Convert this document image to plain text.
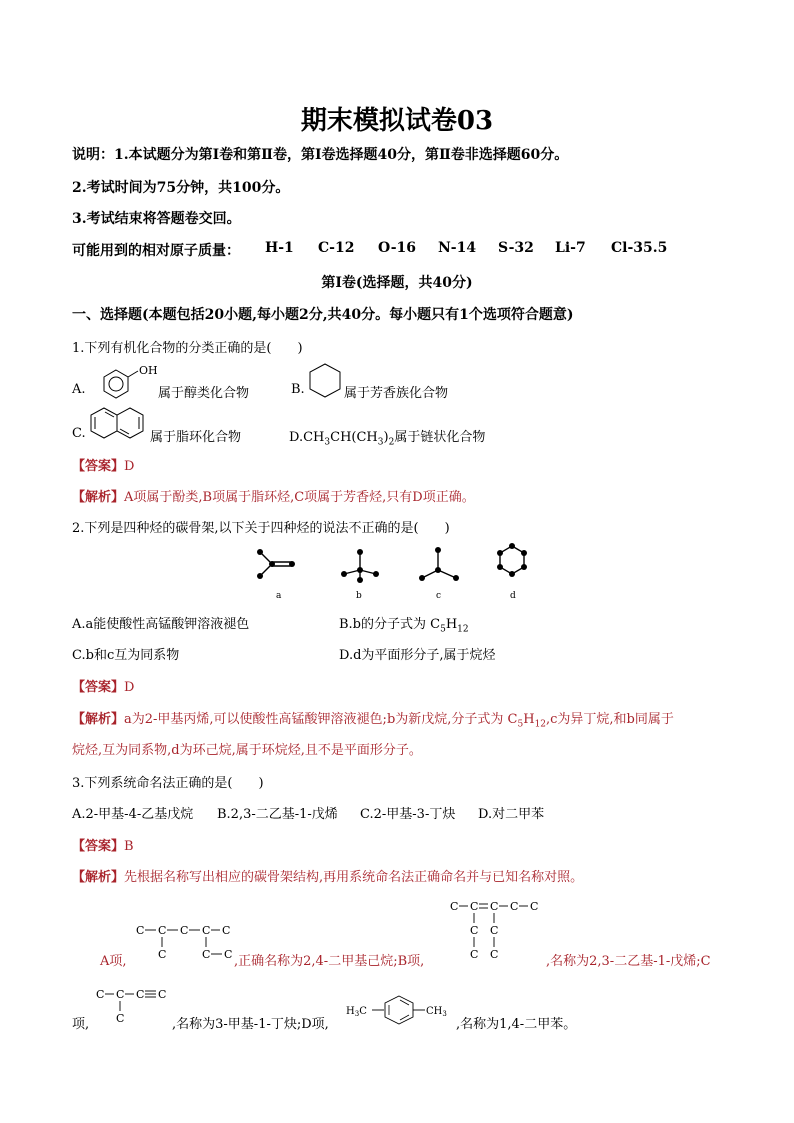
期末模拟试卷03
说明：1.本试题分为第Ⅰ卷和第Ⅱ卷，第Ⅰ卷选择题40分，第Ⅱ卷非选择题60分。
2.考试时间为75分钟，共100分。
3.考试结束将答题卷交回。
可能用到的相对原子质量： H-1 C-12 O-16 N-14 S-32 Li-7 Cl-35.5
第Ⅰ卷(选择题，共40分)
一、选择题(本题包括20小题,每小题2分,共40分。每小题只有1个选项符合题意)
1.下列有机化合物的分类正确的是(　　)
A.
OH
属于醇类化合物	B.	属于芳香族化合物
C.	属于脂环化合物	$D.CH_3CH(CH_3)_2$属于链状化合物
【答案】D
【解析】A项属于酚类,B项属于脂环烃,C项属于芳香烃,只有D项正确。
2.下列是四种烃的碳骨架,以下关于四种烃的说法不正确的是(　　)
a	b	c	d
A.a能使酸性高锰酸钾溶液褪色	B.b的分子式为 $C_5H_{12}$
C.b和c互为同系物	D.d为平面形分子,属于烷烃
【答案】D
【解析】a为2-甲基丙烯,可以使酸性高锰酸钾溶液褪色;b为新戊烷,分子式为 $C_5H_{12},c$为异丁烷,和b同属于
烷烃,互为同系物,d为环己烷,属于环烷烃,且不是平面形分子。
3.下列系统命名法正确的是(　　)
A.2-甲基-4-乙基戊烷 B.2,3-二乙基-1-戊烯 C.2-甲基-3-丁炔 D.对二甲苯
【答案】B
【解析】先根据名称写出相应的碳骨架结构,再用系统命名法正确命名并与已知名称对照。
A项,
C C C C C
C	C C ,正确名称为2,4-二甲基己烷;B项,
C C C C C
C C
C C	,名称为2,3-二乙基-1-戊烯;C
项,
C C C C
C	,名称为3-甲基-1-丁炔;D项,
$H_3C$	$CH_3$
,名称为1,4-二甲苯。
